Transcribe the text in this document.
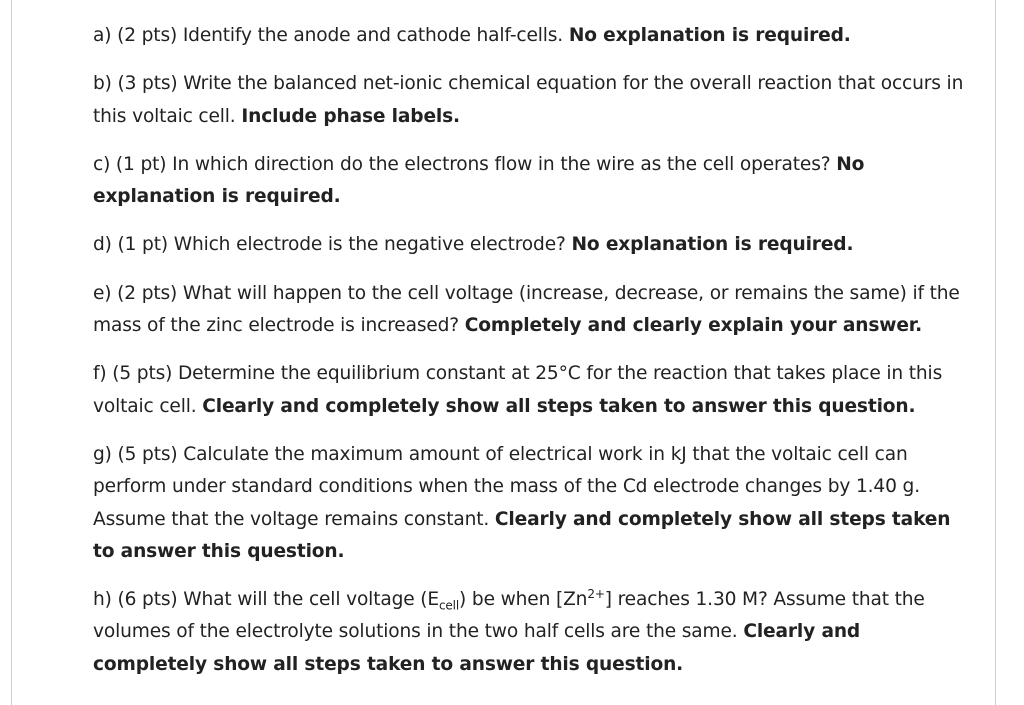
a) (2 pts) Identify the anode and cathode half-cells. No explanation is required.

b) (3 pts) Write the balanced net-ionic chemical equation for the overall reaction that occurs in this voltaic cell. Include phase labels.

c) (1 pt) In which direction do the electrons flow in the wire as the cell operates? No explanation is required.

d) (1 pt) Which electrode is the negative electrode? No explanation is required.

e) (2 pts) What will happen to the cell voltage (increase, decrease, or remains the same) if the mass of the zinc electrode is increased? Completely and clearly explain your answer.

f) (5 pts) Determine the equilibrium constant at 25°C for the reaction that takes place in this voltaic cell. Clearly and completely show all steps taken to answer this question.

g) (5 pts) Calculate the maximum amount of electrical work in kJ that the voltaic cell can perform under standard conditions when the mass of the Cd electrode changes by 1.40 g. Assume that the voltage remains constant. Clearly and completely show all steps taken to answer this question.

h) (6 pts) What will the cell voltage $(E_{cell})$ be when $[Zn^{2+}]$ reaches 1.30 M? Assume that the volumes of the electrolyte solutions in the two half cells are the same. Clearly and completely show all steps taken to answer this question.
